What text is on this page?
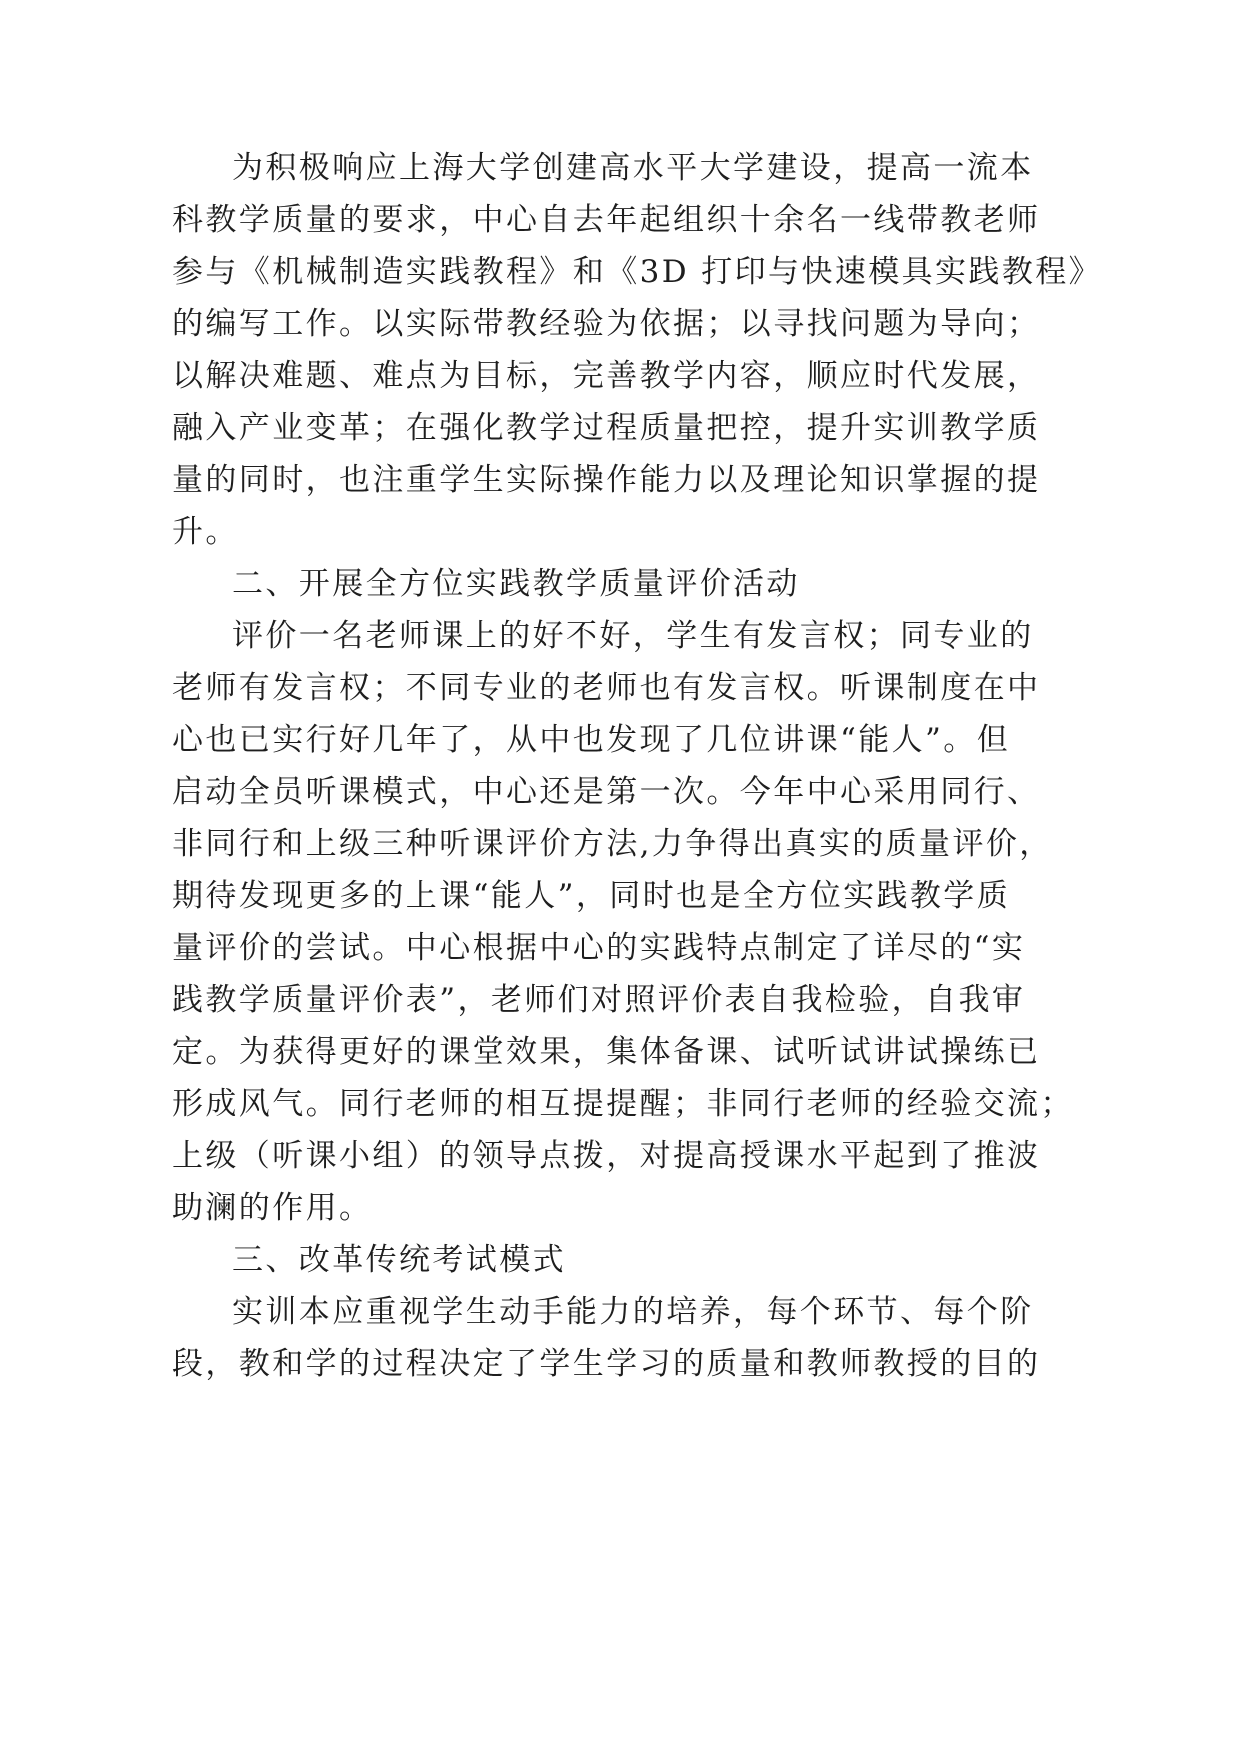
为积极响应上海大学创建高水平大学建设，提高一流本
科教学质量的要求，中心自去年起组织十余名一线带教老师
参与《机械制造实践教程》和《3D 打印与快速模具实践教程》
的编写工作。以实际带教经验为依据；以寻找问题为导向；
以解决难题、难点为目标，完善教学内容，顺应时代发展，
融入产业变革；在强化教学过程质量把控，提升实训教学质
量的同时，也注重学生实际操作能力以及理论知识掌握的提
升。
二、开展全方位实践教学质量评价活动
评价一名老师课上的好不好，学生有发言权；同专业的
老师有发言权；不同专业的老师也有发言权。听课制度在中
心也已实行好几年了，从中也发现了几位讲课“能人”。但
启动全员听课模式，中心还是第一次。今年中心采用同行、
非同行和上级三种听课评价方法,力争得出真实的质量评价，
期待发现更多的上课“能人”，同时也是全方位实践教学质
量评价的尝试。中心根据中心的实践特点制定了详尽的“实
践教学质量评价表”，老师们对照评价表自我检验，自我审
定。为获得更好的课堂效果，集体备课、试听试讲试操练已
形成风气。同行老师的相互提提醒；非同行老师的经验交流；
上级（听课小组）的领导点拨，对提高授课水平起到了推波
助澜的作用。
三、改革传统考试模式
实训本应重视学生动手能力的培养，每个环节、每个阶
段，教和学的过程决定了学生学习的质量和教师教授的目的
